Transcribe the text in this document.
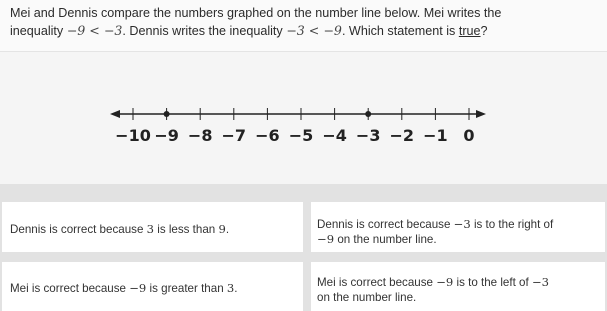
Mei and Dennis compare the numbers graphed on the number line below. Mei writes the
inequality −9 < −3. Dennis writes the inequality −3 < −9. Which statement is true?
−10 −9 −8 −7 −6 −5 −4 −3 −2 −1 0
Dennis is correct because 3 is less than 9.	Dennis is correct because −3 is to the right of
−9 on the number line.
Mei is correct because −9 is greater than 3.	Mei is correct because −9 is to the left of −3
on the number line.
